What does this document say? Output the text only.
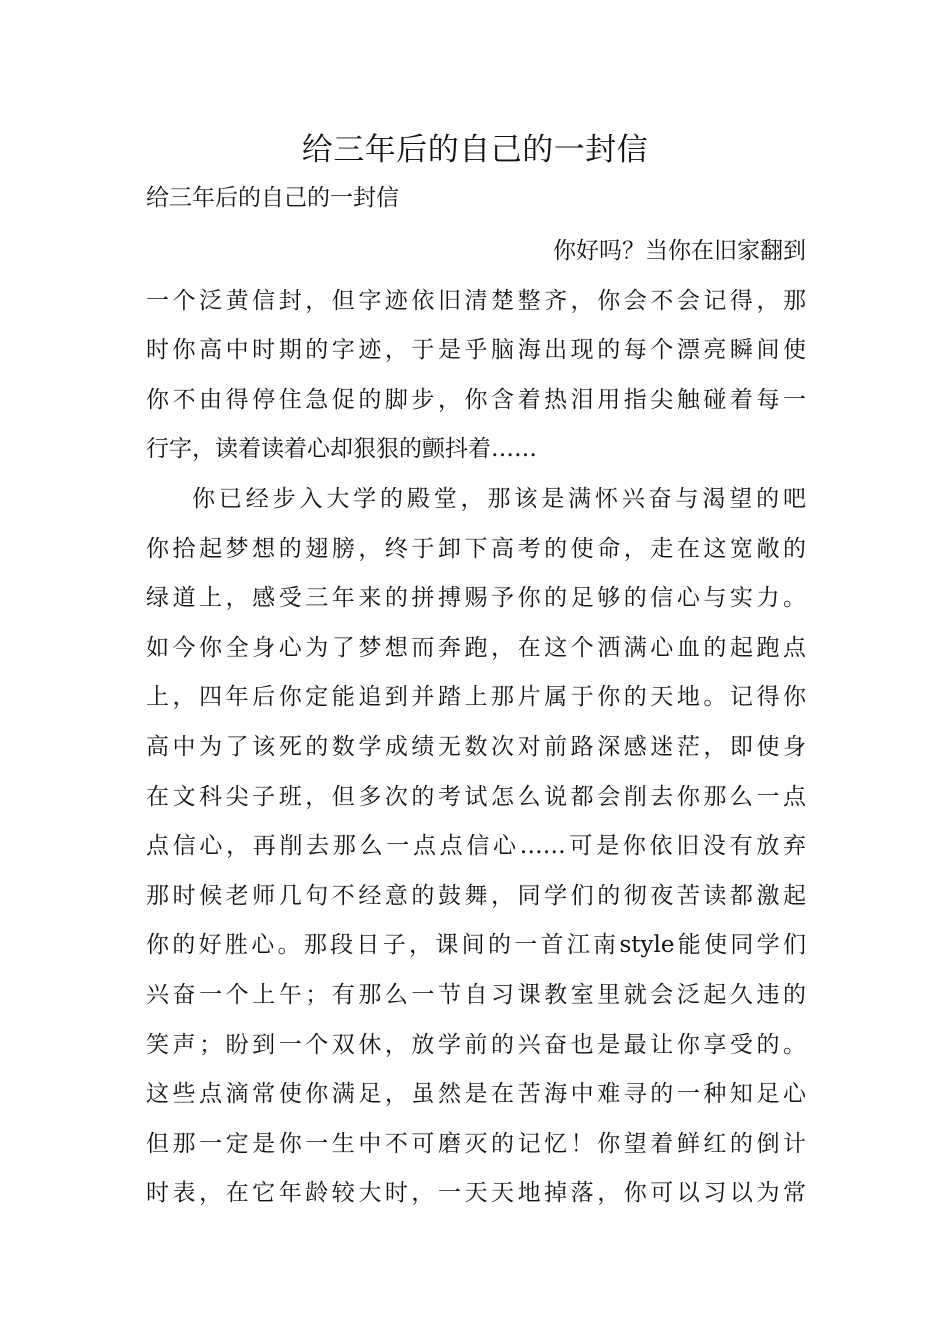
给三年后的自己的一封信

给三年后的自己的一封信

你好吗？当你在旧家翻到
一个泛黄信封，但字迹依旧清楚整齐，你会不会记得，那
时你高中时期的字迹，于是乎脑海出现的每个漂亮瞬间使
你不由得停住急促的脚步，你含着热泪用指尖触碰着每一
行字，读着读着心却狠狠的颤抖着……
你已经步入大学的殿堂，那该是满怀兴奋与渴望的吧
你拾起梦想的翅膀，终于卸下高考的使命，走在这宽敞的
绿道上，感受三年来的拼搏赐予你的足够的信心与实力。
如今你全身心为了梦想而奔跑，在这个洒满心血的起跑点
上，四年后你定能追到并踏上那片属于你的天地。记得你
高中为了该死的数学成绩无数次对前路深感迷茫，即使身
在文科尖子班，但多次的考试怎么说都会削去你那么一点
点信心，再削去那么一点点信心……可是你依旧没有放弃
那时候老师几句不经意的鼓舞，同学们的彻夜苦读都激起
你的好胜心。那段日子，课间的一首江南style能使同学们
兴奋一个上午；有那么一节自习课教室里就会泛起久违的
笑声；盼到一个双休，放学前的兴奋也是最让你享受的。
这些点滴常使你满足，虽然是在苦海中难寻的一种知足心
但那一定是你一生中不可磨灭的记忆！你望着鲜红的倒计
时表，在它年龄较大时，一天天地掉落，你可以习以为常
